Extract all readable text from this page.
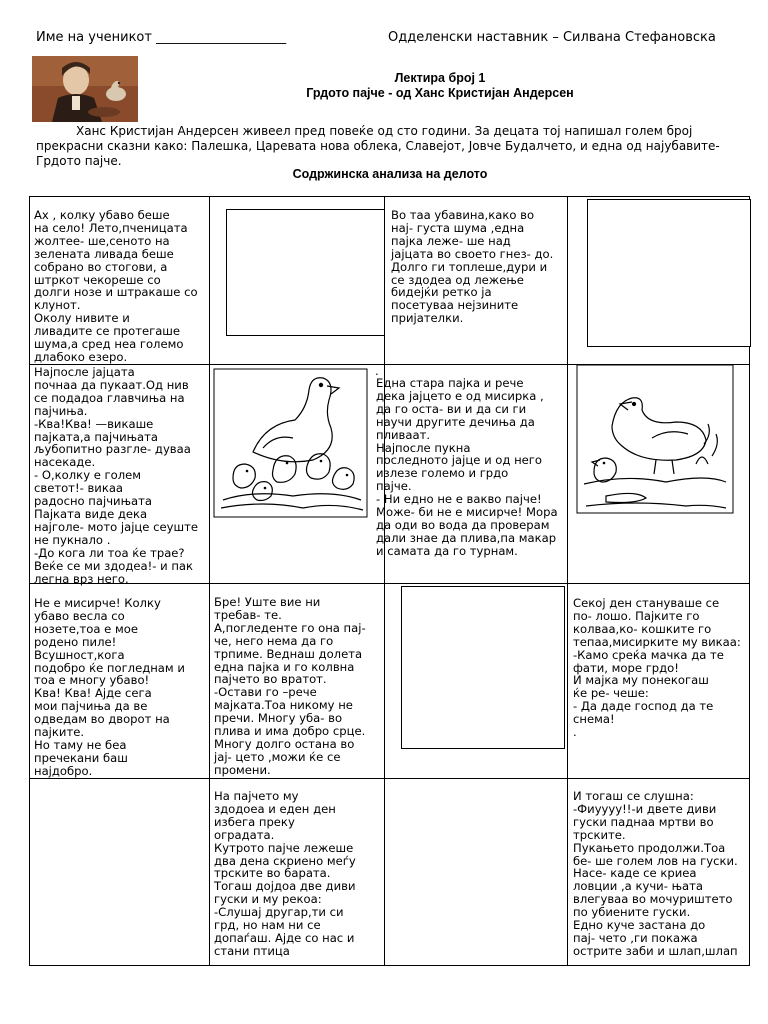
Име на ученикот ____________________	Одделенски наставник – Силвана Стефановска
Лектира број 1
Грдото пајче - од Ханс Кристијан Андерсен
Ханс Кристијан Андерсен живеел пред повеќе од сто години. За децата тој напишал голем број прекрасни сказни како: Палешка, Царевата нова облека, Славејот, Јовче Будалчето, и една од најубавите-Грдото пајче.
Содржинска анализа на делото
Ах , колку убаво беше
на село! Лето,пченицата
жолтее- ше,сеното на
зелената ливада беше
собрано во стогови, а
штркот чекореше со
долги нозе и штракаше со
клунот.
Околу нивите и
ливадите се протегаше
шума,а сред неа големо
длабоко езеро.
Во таа убавина,како во
нај- густа шума ,една
пајка леже- ше над
јајцата во своето гнез- до.
Долго ги топлеше,дури и
се здодеа од лежење
бидејќи ретко ја
посетуваа нејзините
пријателки.
Најпосле јајцата
почнаа да пукаат.Од нив
се подадоа главчиња на
пајчиња.
-Ква!Ква! —викаше
пајката,а пајчињата
љубопитно разгле- дуваа
насекаде.
- О,колку е голем
светот!- викаа
радосно пајчињата
Пајката виде дека
најголе- мото јајце сеуште
не пукнало .
-До кога ли тоа ќе трае?
Веќе се ми здодеа!- и пак
легна врз него.
.
Една стара пајка и рече
дека јајцето е од мисирка ,
да го оста- ви и да си ги
научи другите дечиња да
пливаат.
Најпосле пукна
последното јајце и од него
излезе големо и грдо
пајче.
- Ни едно не е вакво пајче!
Може- би не е мисирче! Мора
да оди во вода да проверам
дали знае да плива,па макар
и самата да го турнам.
Не е мисирче! Колку
убаво весла со
нозете,тоа е мое
родено пиле!
Всушност,кога
подобро ќе погледнам и
тоа е многу убаво!
Ква! Ква! Ајде сега
мои пајчиња да ве
одведам во дворот на
пајките.
Но таму не беа
пречекани баш
најдобро.
Бре! Уште вие ни
требав- те.
А,погледенте го она пај-
че, него нема да го
трпиме. Веднаш долета
една пајка и го колвна
пајчето во вратот.
-Остави го –рече
мајката.Тоа никому не
пречи. Многу уба- во
плива и има добро срце.
Многу долго остана во
јај- цето ,можи ќе се
промени.
Секој ден стануваше се
по- лошо. Пајките го
колваа,ко- кошките го
тепаа,мисирките му викаа:
-Камо среќа мачка да те
фати, море грдо!
И мајка му понекогаш
ќе ре- чеше:
- Да даде господ да те
снема!
.
На пајчето му
здодоеа и еден ден
избега преку
оградата.
Кутрото пајче лежеше
два дена скриено меѓу
трските во барата.
Тогаш дојдоа две диви
гуски и му рекоа:
-Слушај другар,ти си
грд, но нам ни се
допаѓаш. Ајде со нас и
стани птица
И тогаш се слушна:
-Фиуууу!!-и двете диви
гуски паднаа мртви во
трските.
Пукањето продолжи.Тоа
бе- ше голем лов на гуски.
Насе- каде се криеа
ловции ,а кучи- њата
влегуваа во мочуриштето
по убиените гуски.
Едно куче застана до
пај- чето ,ги покажа
острите заби и шлап,шлап
